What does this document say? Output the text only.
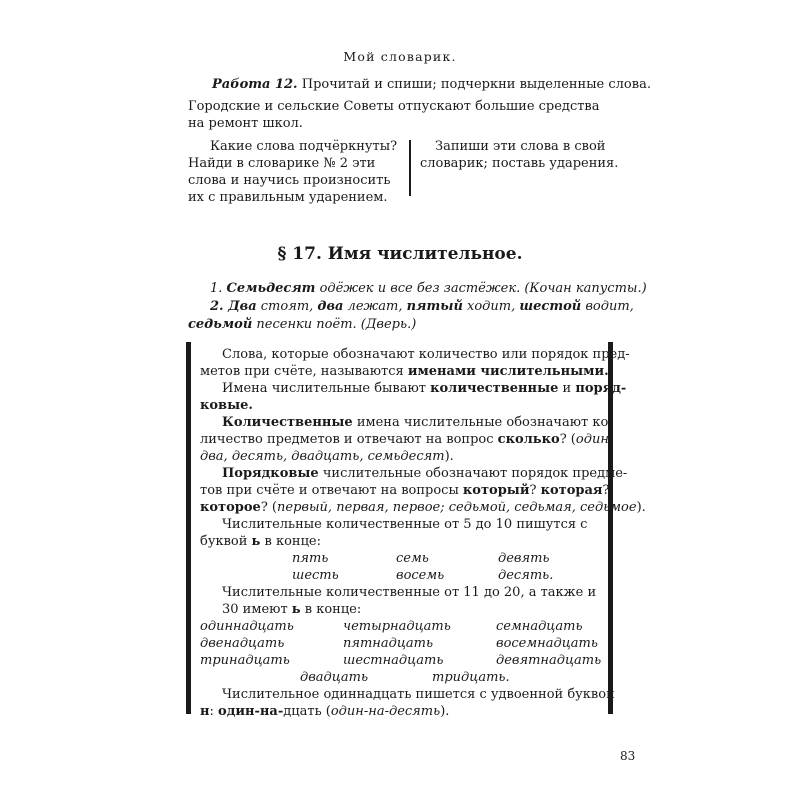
Мой словарик.
Работа 12. Прочитай и спиши; подчеркни выделенные слова.
Городские и сельские Советы отпускают большие средства
на ремонт школ.
Какие слова подчёркнуты?
Найди в словарике № 2 эти
слова и научись произносить
их с правильным ударением.
Запиши эти слова в свой
словарик; поставь ударения.
§ 17. Имя числительное.
1. Семьдесят одёжек и все без застёжек. (Кочан капусты.)
2. Два стоят, два лежат, пятый ходит, шестой водит,
седьмой песенки поёт. (Дверь.)
Слова, которые обозначают количество или порядок пред-
метов при счёте, называются именами числительными.
Имена числительные бывают количественные и поряд-
ковые.
Количественные имена числительные обозначают ко-
личество предметов и отвечают на вопрос сколько? (один,
два, десять, двадцать, семьдесят).
Порядковые числительные обозначают порядок предме-
тов при счёте и отвечают на вопросы который? которая?
которое? (первый, первая, первое; седьмой, седьмая, седьмое).
Числительные количественные от 5 до 10 пишутся с
буквой ь в конце:
пять	семь	девять
шесть	восемь	десять.
Числительные количественные от 11 до 20, а также и
30 имеют ь в конце:
одиннадцать	четырнадцать	семнадцать
двенадцать	пятнадцать	восемнадцать
тринадцать	шестнадцать	девятнадцать
двадцать	тридцать.
Числительное одиннадцать пишется с удвоенной буквой
н: один-на-дцать (один-на-десять).
83
